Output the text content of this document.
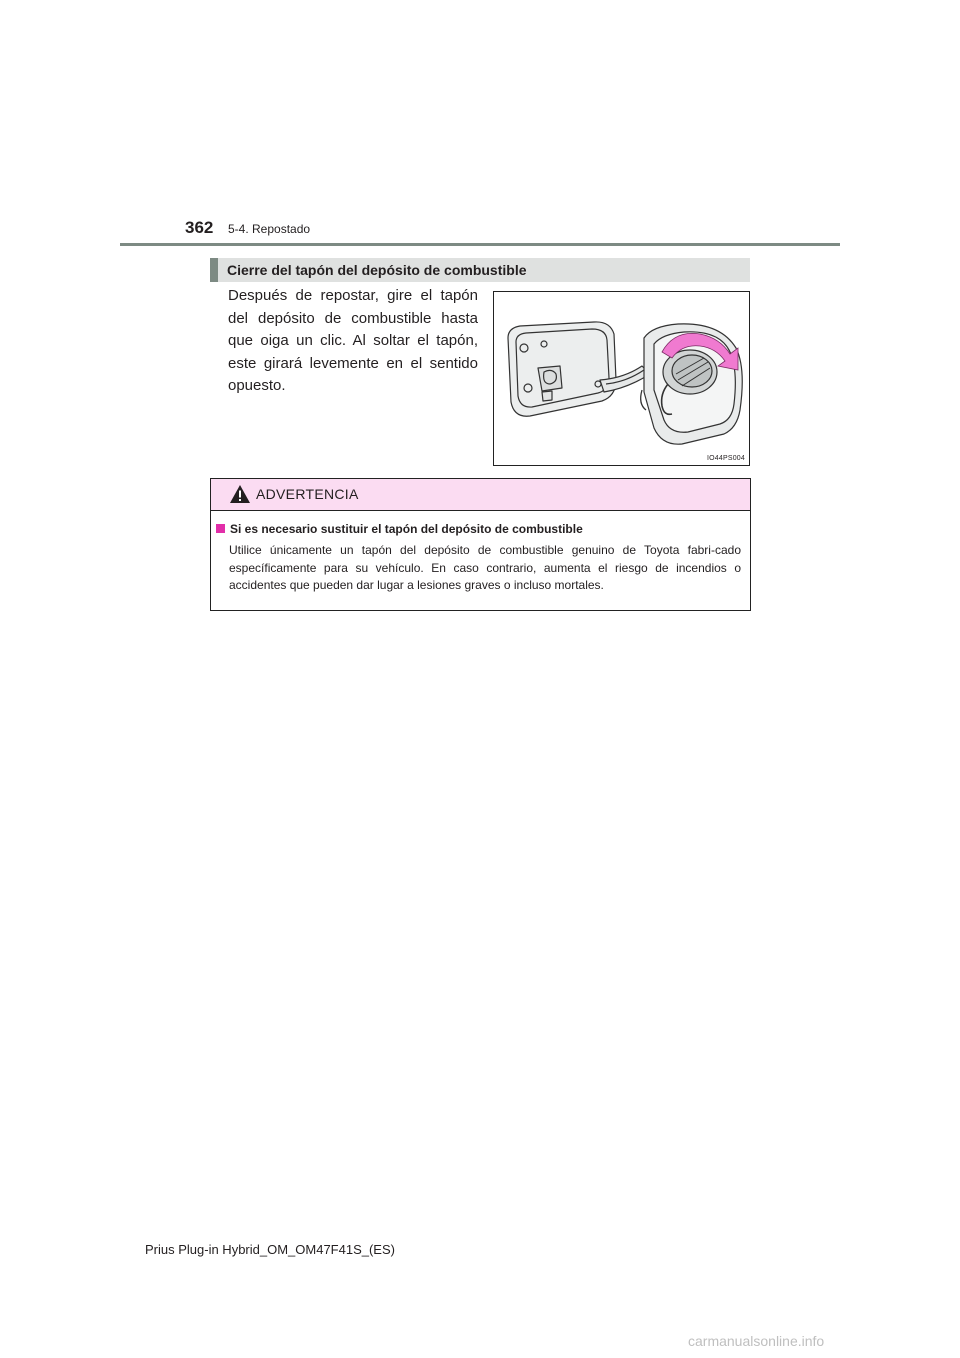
362 5-4. Repostado
Cierre del tapón del depósito de combustible

Después de repostar, gire el tapón del depósito de combustible hasta que oiga un clic. Al soltar el tapón, este girará levemente en el sentido opuesto.

IO44PS004
ADVERTENCIA
Si es necesario sustituir el tapón del depósito de combustible

Utilice únicamente un tapón del depósito de combustible genuino de Toyota fabri-cado específicamente para su vehículo. En caso contrario, aumenta el riesgo de incendios o accidentes que pueden dar lugar a lesiones graves o incluso mortales.

Prius Plug-in Hybrid_OM_OM47F41S_(ES)
carmanualsonline.info
